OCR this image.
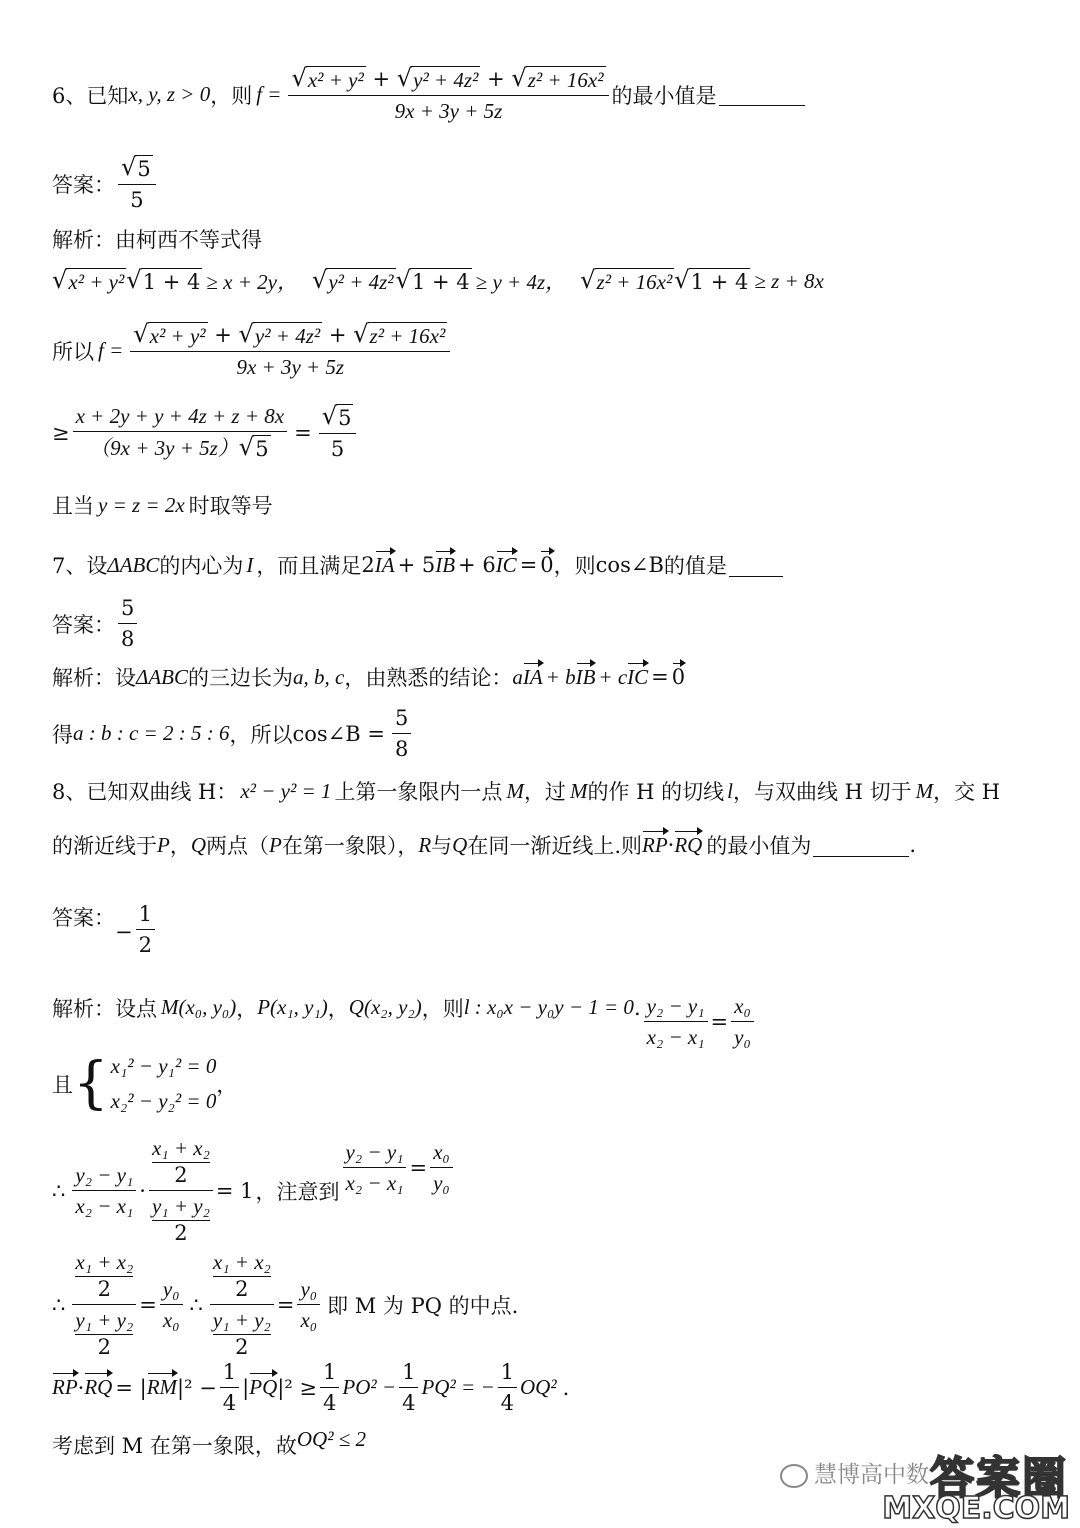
6、已知 x, y, z > 0 ，则 f =
√ x² + y² + √ y² + 4z² + √ z² + 16x²
9x + 3y + 5z
的最小值是
答案： $\frac{√ 5}{5}$
解析：由柯西不等式得
√ x² + y² √ 1 + 4 ≥ x + 2y， √ y² + 4z² √ 1 + 4 ≥ y + 4z， √ z² + 16x² √ 1 + 4 ≥ z + 8x
所以 f =
√ x² + y² + √ y² + 4z² + √ z² + 16x²
9x + 3y + 5z
≥ $\frac{x + 2y + y + 4z + z + 8x}{(9x + 3y + 5z) √ 5} = \frac{√ 5}{5}$
且当 y = z = 2x 时取等号
7、设 ΔABC 的内心为 I ，而且满足 2 IA + 5 IB + 6 IC = 0 ，则 cos∠B 的值是
答案： $\frac{5}{8}$
解析：设 ΔABC 的三边长为 a, b, c ，由熟悉的结论： a IA + b IB + c IC = 0
得 a : b : c = 2 : 5 : 6 ，所以 cos∠B = $\frac{5}{8}$
8、已知双曲线 H： x² − y² = 1 上第一象限内一点 M ，过 M 的作 H 的切线 l ，与双曲线 H 切于 M ，交 H
的渐近线于 P ， Q 两点（ P 在第一象限）， R 与 Q 在同一渐近线上.则 RP · RQ 的最小值为	.
答案：
− $\frac{1}{2}$
解析：设点 M(x₀, y₀) ， P(x₁, y₁) ， Q(x₂, y₂) ，则 l : x₀x − y₀y − 1 = 0 . $\frac{\text{y₂ − y₁}}{\text{x₂ − x₁}} = \frac{\text{x₀}}{\text{y₀}}$
且 { x₁² − y₁² = 0
x₂² − y₂² = 0
，
∴ $\frac{\text{y₂ − y₁}}{\text{x₂ − x₁}} \cdot x_1 + x_2$
2
y₁ + y₂
2 = 1 ，注意到 $\frac{\text{y₂ − y₁}}{\text{x₂ − x₁}} = \frac{\text{x₀}}{\text{y₀}}$
∴ x₁ + x₂
2
y₁ + y₂
$2 = \frac{\text{y₀}}{\text{x₀}}$ ∴ x₁ + x₂
2
y₁ + y₂
$2 = \frac{\text{y₀}}{\text{x₀}}$ 即 M 为 PQ 的中点.
RP · RQ = | RM $|^2 - \frac{1}{4}$ | PQ $|^2 \ge \frac{1}{4} PO^2 - \frac{1}{4} PQ^2$ = − $\frac{1}{4} OQ^2$ .
考虑到 M 在第一象限，故 OQ² ≤ 2
慧博高中数 答案圈
MXQE.COM
